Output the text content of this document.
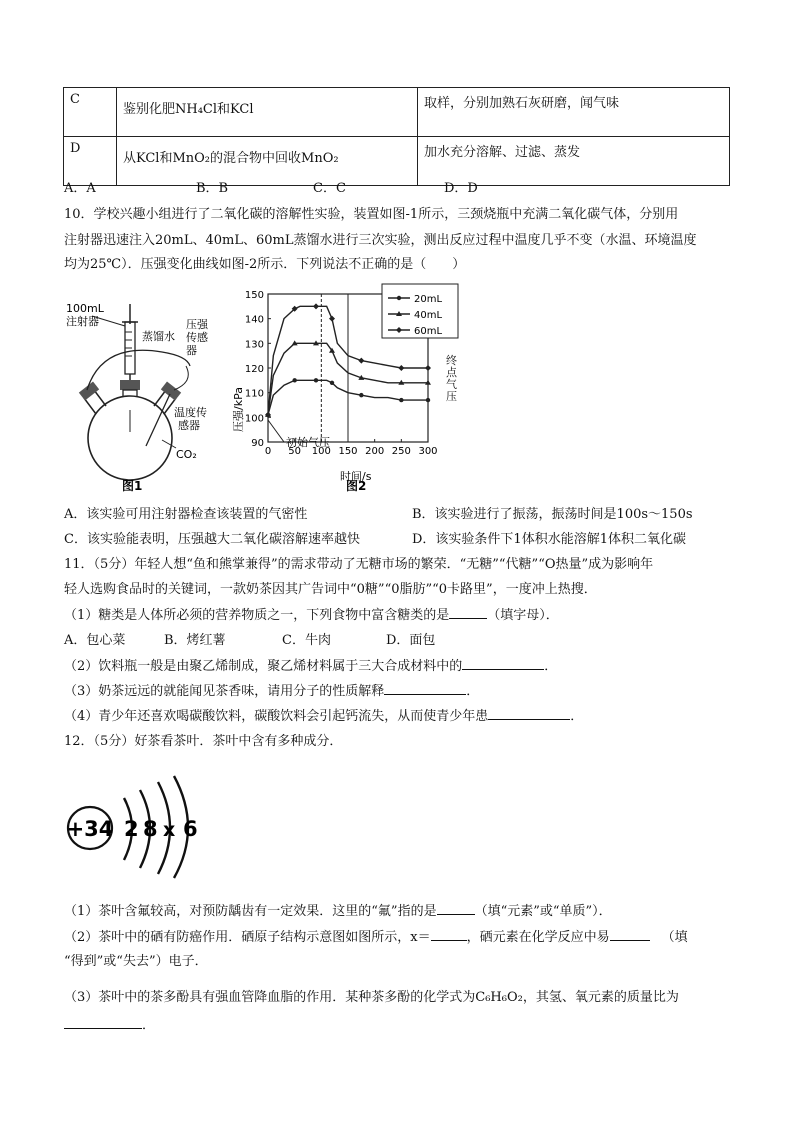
C	鉴别化肥NH₄Cl和KCl	取样，分别加熟石灰研磨，闻气味
D	从KCl和MnO₂的混合物中回收MnO₂	加水充分溶解、过滤、蒸发
A．A	B．B	C．C	D．D
10．学校兴趣小组进行了二氧化碳的溶解性实验，装置如图-1所示，三颈烧瓶中充满二氧化碳气体，分别用
注射器迅速注入20mL、40mL、60mL蒸馏水进行三次实验，测出反应过程中温度几乎不变（水温、环境温度
均为25℃）．压强变化曲线如图-2所示．下列说法不正确的是（　　）
100mL 注射器
蒸馏水
压强传感器
温度传感器
CO₂
图1
0 50 100 150 200 250 300
90
100
110
120
130
140
150	20mL
40mL
60mL
压强/kPa
时间/s
初始气压
图2
终点气压
A．该实验可用注射器检查该装置的气密性	B．该实验进行了振荡，振荡时间是100s～150s
C．该实验能表明，压强越大二氧化碳溶解速率越快	D．该实验条件下1体积水能溶解1体积二氧化碳
11．（5分）年轻人想“鱼和熊掌兼得”的需求带动了无糖市场的繁荣．“无糖”“代糖”“O热量”成为影响年
轻人选购食品时的关键词，一款奶茶因其广告词中“0糖”“0脂肪”“0卡路里”，一度冲上热搜．
（1）糖类是人体所必须的营养物质之一，下列食物中富含糖类的是	（填字母）．
A．包心菜	B．烤红薯	C．牛肉	D．面包
（2）饮料瓶一般是由聚乙烯制成，聚乙烯材料属于三大合成材料中的	．
（3）奶茶远远的就能闻见茶香味，请用分子的性质解释	．
（4）青少年还喜欢喝碳酸饮料，碳酸饮料会引起钙流失，从而使青少年患	．
12．（5分）好茶看茶叶．茶叶中含有多种成分．
+34 2 8 x 6
（1）茶叶含氟较高，对预防龋齿有一定效果．这里的“氟”指的是	（填“元素”或“单质”）．
（2）茶叶中的硒有防癌作用．硒原子结构示意图如图所示，x＝	，硒元素在化学反应中易	（填
“得到”或“失去”）电子．
（3）茶叶中的茶多酚具有强血管降血脂的作用．某种茶多酚的化学式为C₆H₆O₂，其氢、氧元素的质量比为
．
